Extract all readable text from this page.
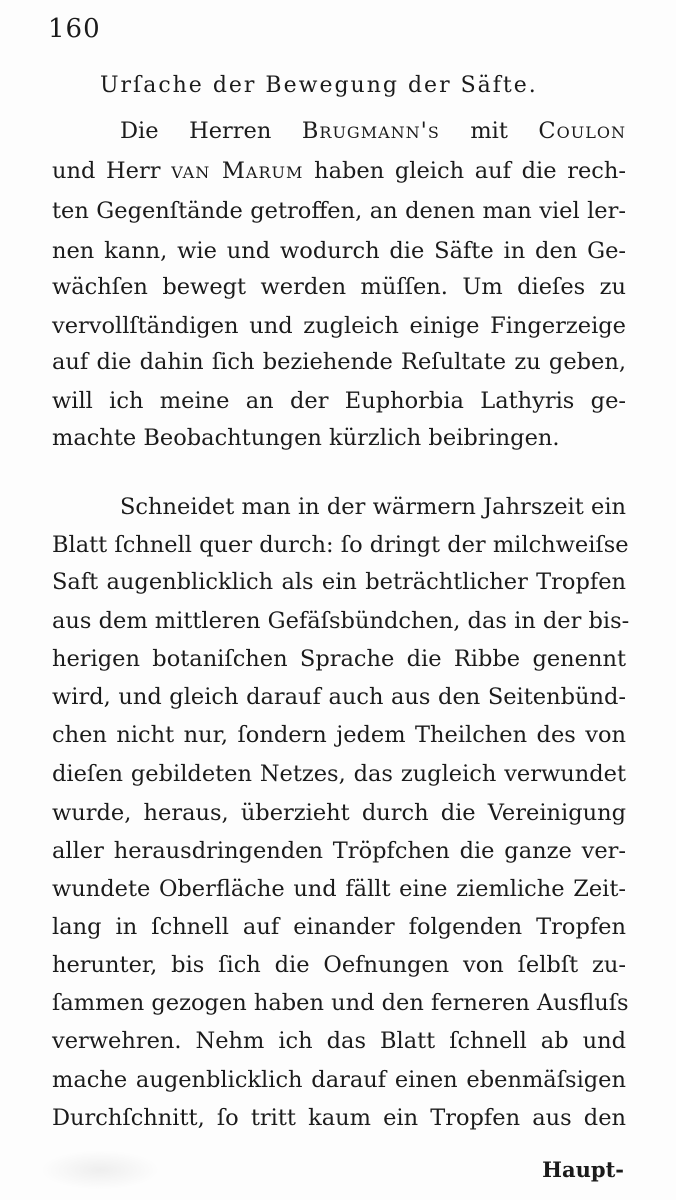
160
Urſache der Bewegung der Säfte.
Die Herren Brugmann's mit Coulon
und Herr van Marum haben gleich auf die rech-
ten Gegenſtände getroffen, an denen man viel ler-
nen kann, wie und wodurch die Säfte in den Ge-
wächſen bewegt werden müſſen. Um dieſes zu
vervollſtändigen und zugleich einige Fingerzeige
auf die dahin ſich beziehende Reſultate zu geben,
will ich meine an der Euphorbia Lathyris ge-
machte Beobachtungen kürzlich beibringen.
Schneidet man in der wärmern Jahrszeit ein
Blatt ſchnell quer durch: ſo dringt der milchweiſse
Saft augenblicklich als ein beträchtlicher Tropfen
aus dem mittleren Gefäſsbündchen, das in der bis-
herigen botaniſchen Sprache die Ribbe genennt
wird, und gleich darauf auch aus den Seitenbünd-
chen nicht nur, ſondern jedem Theilchen des von
dieſen gebildeten Netzes, das zugleich verwundet
wurde, heraus, überzieht durch die Vereinigung
aller herausdringenden Tröpfchen die ganze ver-
wundete Oberfläche und fällt eine ziemliche Zeit-
lang in ſchnell auf einander folgenden Tropfen
herunter, bis ſich die Oefnungen von ſelbſt zu-
ſammen gezogen haben und den ferneren Ausfluſs
verwehren. Nehm ich das Blatt ſchnell ab und
mache augenblicklich darauf einen ebenmäſsigen
Durchſchnitt, ſo tritt kaum ein Tropfen aus den
Haupt-
